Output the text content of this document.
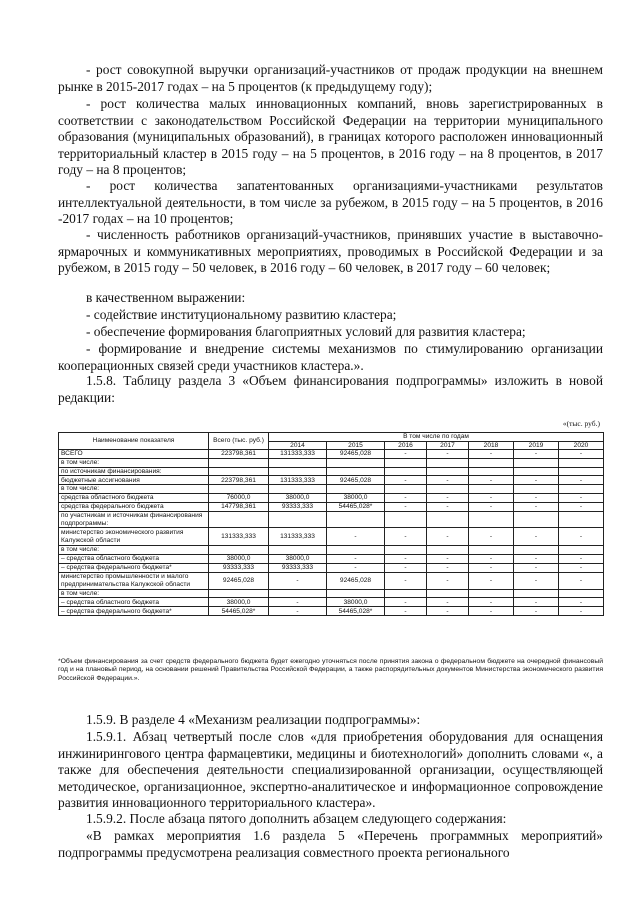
- рост совокупной выручки организаций-участников от продаж продукции на внешнем рынке в 2015-2017 годах – на 5 процентов (к предыдущему году);

- рост количества малых инновационных компаний, вновь зарегистрированных в соответствии с законодательством Российской Федерации на территории муниципального образования (муниципальных образований), в границах которого расположен инновационный территориальный кластер в 2015 году – на 5 процентов, в 2016 году – на 8 процентов, в 2017 году – на 8 процентов;

- рост количества запатентованных организациями-участниками результатов интеллектуальной деятельности, в том числе за рубежом, в 2015 году – на 5 процентов, в 2016 -2017 годах – на 10 процентов;

- численность работников организаций-участников, принявших участие в выставочно-ярмарочных и коммуникативных мероприятиях, проводимых в Российской Федерации и за рубежом, в 2015 году – 50 человек, в 2016 году – 60 человек, в 2017 году – 60 человек;

в качественном выражении:

- содействие институциональному развитию кластера;

- обеспечение формирования благоприятных условий для развития кластера;

- формирование и внедрение системы механизмов по стимулированию организации кооперационных связей среди участников кластера.».

1.5.8. Таблицу раздела 3 «Объем финансирования подпрограммы» изложить в новой редакции:

«(тыс. руб.)
Наименование показателя	Всего (тыс. руб.)	В том числе по годам						
		2014	2015	2016	2017	2018	2019	2020
ВСЕГО	223798,361	131333,333	92465,028	-	-	-	-	-
в том числе:								
по источникам финансирования:								
бюджетные ассигнования	223798,361	131333,333	92465,028	-	-	-	-	-
в том числе:								
средства областного бюджета	76000,0	38000,0	38000,0	-	-	-	-	-
средства федерального бюджета	147798,361	93333,333	54465,028*	-	-	-	-	-
по участникам и источникам финансирования подпрограммы:								
министерство экономического развития Калужской области	131333,333	131333,333	-	-	-	-	-	-
в том числе:								
– средства областного бюджета	38000,0	38000,0	-	-	-	-	-	-
– средства федерального бюджета*	93333,333	93333,333	-	-	-	-	-	-
министерство промышленности и малого предпринимательства Калужской области	92465,028	-	92465,028	-	-	-	-	-
в том числе:								
– средства областного бюджета	38000,0	-	38000,0	-	-	-	-	-
– средства федерального бюджета*	54465,028*	-	54465,028*	-	-	-	-	-

*Объем финансирования за счет средств федерального бюджета будет ежегодно уточняться после принятия закона о федеральном бюджете на очередной финансовый год и на плановый период, на основании решений Правительства Российской Федерации, а также распорядительных документов Министерства экономического развития Российской Федерации.».

1.5.9. В разделе 4 «Механизм реализации подпрограммы»:

1.5.9.1. Абзац четвертый после слов «для приобретения оборудования для оснащения инжинирингового центра фармацевтики, медицины и биотехнологий» дополнить словами «, а также для обеспечения деятельности специализированной организации, осуществляющей методическое, организационное, экспертно-аналитическое и информационное сопровождение развития инновационного территориального кластера».

1.5.9.2. После абзаца пятого дополнить абзацем следующего содержания:

«В рамках мероприятия 1.6 раздела 5 «Перечень программных мероприятий» подпрограммы предусмотрена реализация совместного проекта регионального
